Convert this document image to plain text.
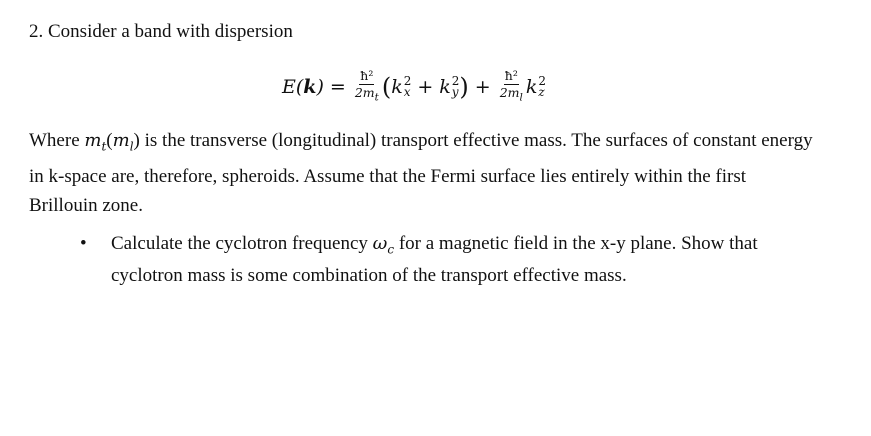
2. Consider a band with dispersion
$E(k) = \frac{\text{ħ²}}{2m_t}$ ( k 2
x + k 2
y ) + $\frac{\text{ħ²}}{2m_l}$ k 2
z

Where $m_t(m_l)$ is the transverse (longitudinal) transport effective mass. The surfaces of constant energy in k-space are, therefore, spheroids. Assume that the Fermi surface lies entirely within the first Brillouin zone.

• Calculate the cyclotron frequency $\omega_c$ for a magnetic field in the x-y plane. Show that cyclotron mass is some combination of the transport effective mass.
